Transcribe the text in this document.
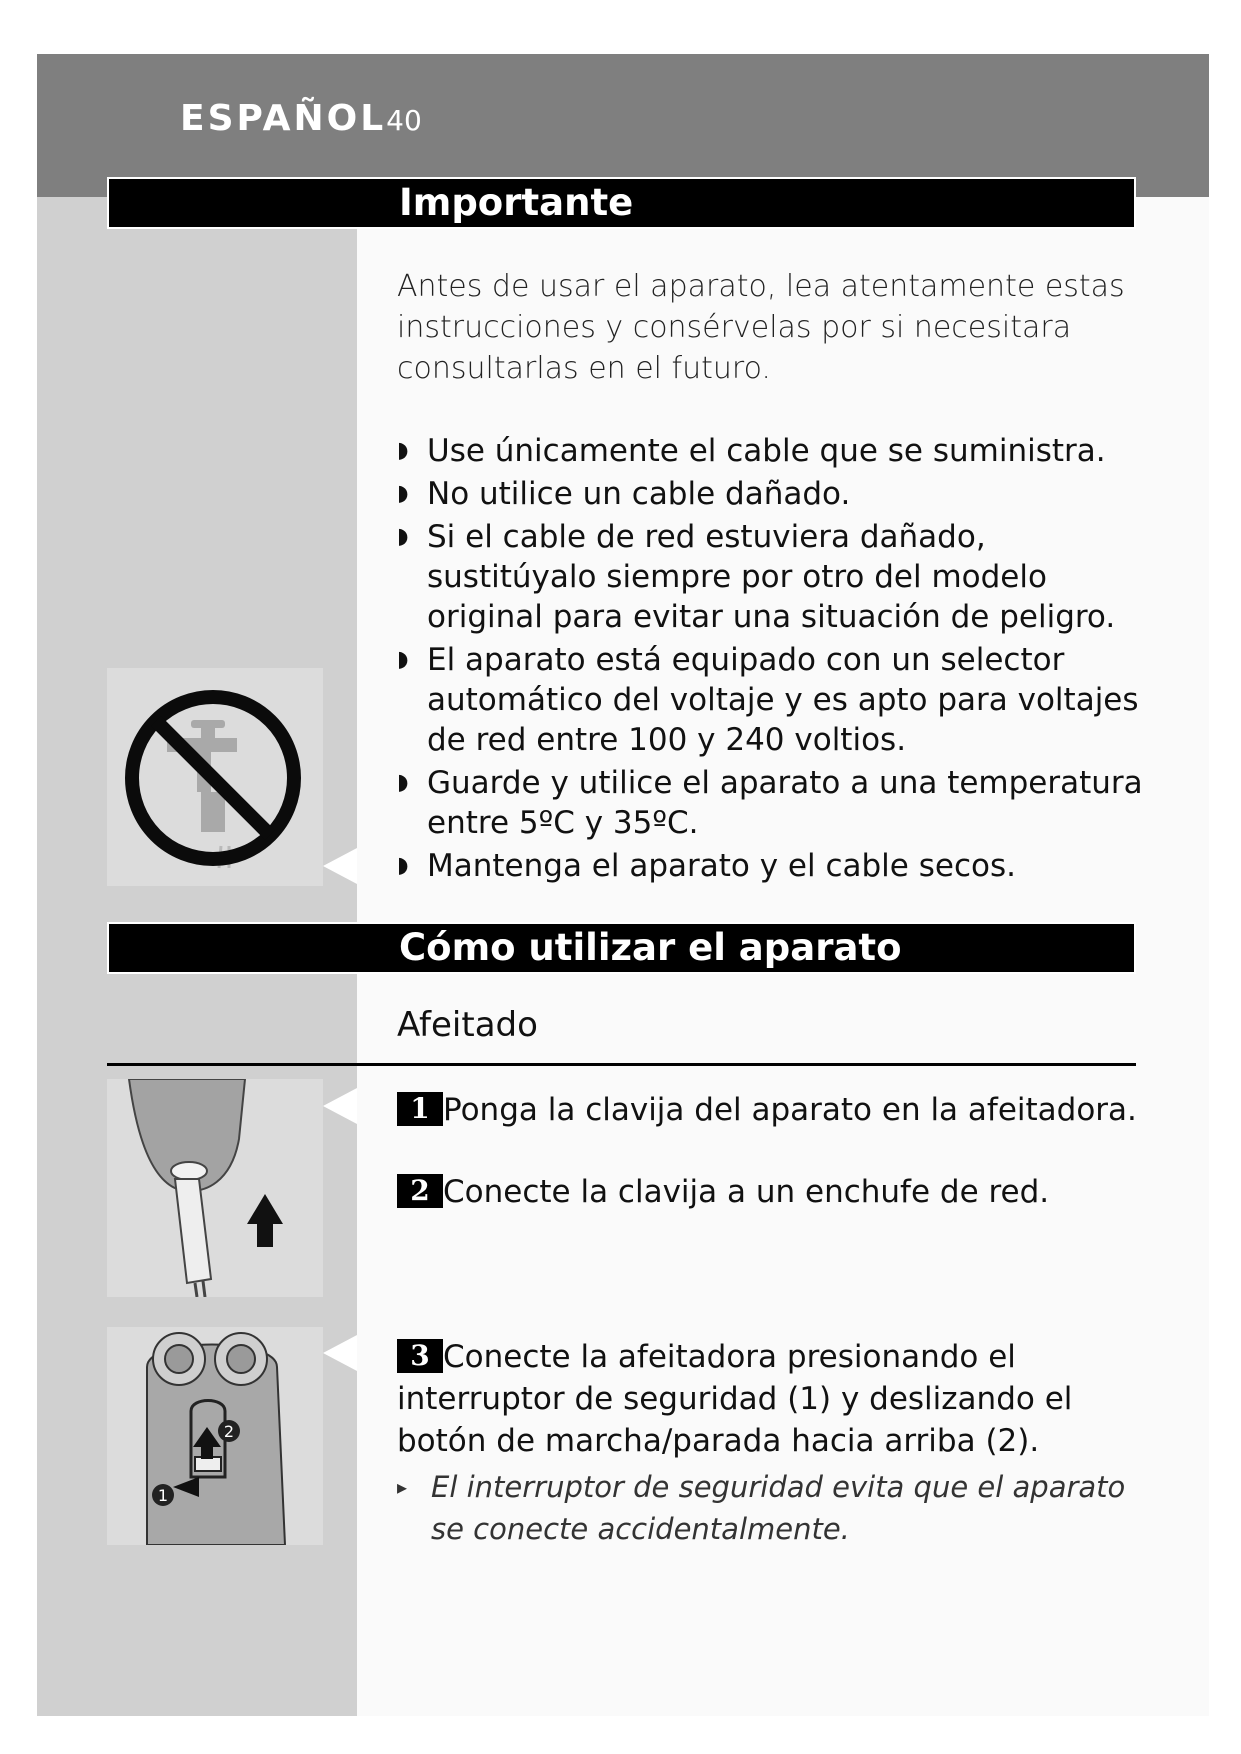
ESPAÑOL40
Importante
Antes de usar el aparato, lea atentamente estas instrucciones y consérvelas por si necesitara consultarlas en el futuro.
◗ Use únicamente el cable que se suministra.
◗ No utilice un cable dañado.
◗ Si el cable de red estuviera dañado, sustitúyalo siempre por otro del modelo original para evitar una situación de peligro.
◗ El aparato está equipado con un selector automático del voltaje y es apto para voltajes de red entre 100 y 240 voltios.
◗ Guarde y utilice el aparato a una temperatura entre 5ºC y 35ºC.
◗ Mantenga el aparato y el cable secos.
Cómo utilizar el aparato
Afeitado
1 Ponga la clavija del aparato en la afeitadora.
2 Conecte la clavija a un enchufe de red.
2
1
3 Conecte la afeitadora presionando el interruptor de seguridad (1) y deslizando el botón de marcha/parada hacia arriba (2).
▸ El interruptor de seguridad evita que el aparato se conecte accidentalmente.
